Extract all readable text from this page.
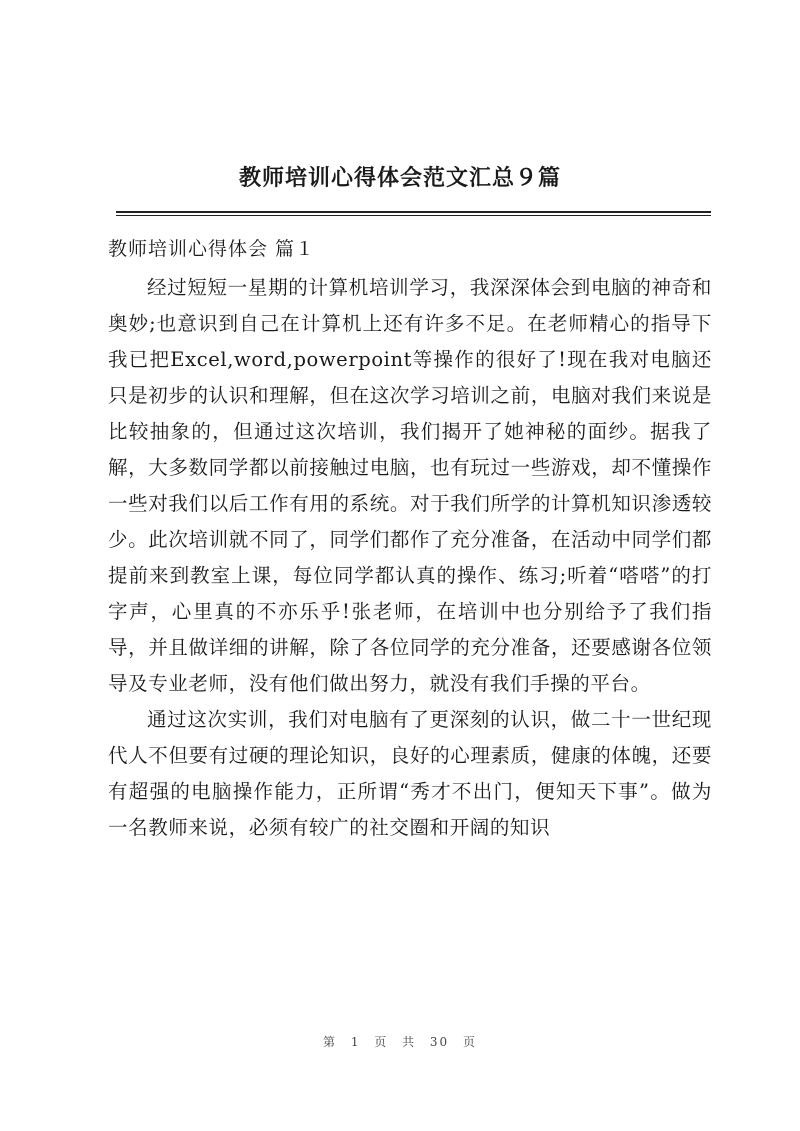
教师培训心得体会范文汇总９篇
教师培训心得体会 篇１

经过短短一星期的计算机培训学习，我深深体会到电脑的神奇和奥妙;也意识到自己在计算机上还有许多不足。在老师精心的指导下我已把Excel,word,powerpoint等操作的很好了!现在我对电脑还只是初步的认识和理解，但在这次学习培训之前，电脑对我们来说是比较抽象的，但通过这次培训，我们揭开了她神秘的面纱。据我了解，大多数同学都以前接触过电脑，也有玩过一些游戏，却不懂操作一些对我们以后工作有用的系统。对于我们所学的计算机知识渗透较少。此次培训就不同了，同学们都作了充分准备，在活动中同学们都提前来到教室上课，每位同学都认真的操作、练习;听着“嗒嗒”的打字声，心里真的不亦乐乎!张老师，在培训中也分别给予了我们指导，并且做详细的讲解，除了各位同学的充分准备，还要感谢各位领导及专业老师，没有他们做出努力，就没有我们手操的平台。

通过这次实训，我们对电脑有了更深刻的认识，做二十一世纪现代人不但要有过硬的理论知识，良好的心理素质，健康的体魄，还要有超强的电脑操作能力，正所谓“秀才不出门，便知天下事”。做为一名教师来说，必须有较广的社交圈和开阔的知识

第 1 页 共 30 页
